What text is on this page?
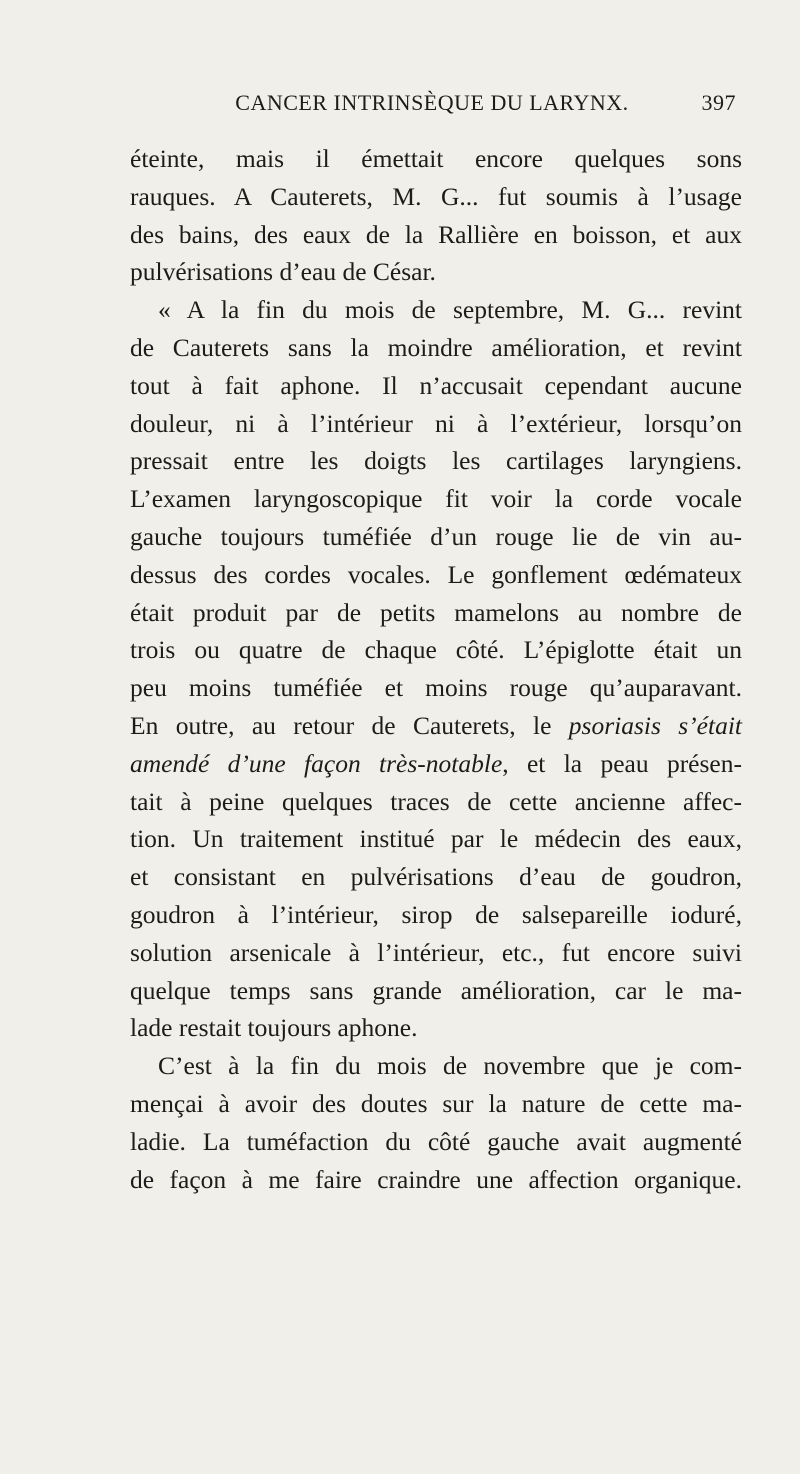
CANCER INTRINSÈQUE DU LARYNX.	397
éteinte, mais il émettait encore quelques sons
rauques. A Cauterets, M. G... fut soumis à l’usage
des bains, des eaux de la Rallière en boisson, et aux
pulvérisations d’eau de César.
« A la fin du mois de septembre, M. G... revint
de Cauterets sans la moindre amélioration, et revint
tout à fait aphone. Il n’accusait cependant aucune
douleur, ni à l’intérieur ni à l’extérieur, lorsqu’on
pressait entre les doigts les cartilages laryngiens.
L’examen laryngoscopique fit voir la corde vocale
gauche toujours tuméfiée d’un rouge lie de vin au-
dessus des cordes vocales. Le gonflement œdémateux
était produit par de petits mamelons au nombre de
trois ou quatre de chaque côté. L’épiglotte était un
peu moins tuméfiée et moins rouge qu’auparavant.
En outre, au retour de Cauterets, le psoriasis s’était
amendé d’une façon très-notable, et la peau présen-
tait à peine quelques traces de cette ancienne affec-
tion. Un traitement institué par le médecin des eaux,
et consistant en pulvérisations d’eau de goudron,
goudron à l’intérieur, sirop de salsepareille ioduré,
solution arsenicale à l’intérieur, etc., fut encore suivi
quelque temps sans grande amélioration, car le ma-
lade restait toujours aphone.
C’est à la fin du mois de novembre que je com-
mençai à avoir des doutes sur la nature de cette ma-
ladie. La tuméfaction du côté gauche avait augmenté
de façon à me faire craindre une affection organique.
